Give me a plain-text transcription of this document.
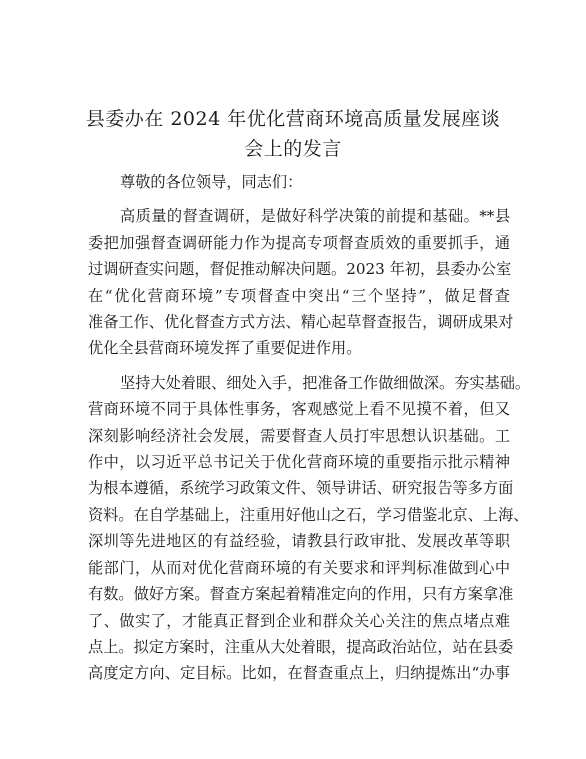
县委办在 2024 年优化营商环境高质量发展座谈
会上的发言

尊敬的各位领导，同志们：

高质量的督查调研，是做好科学决策的前提和基础。**县
委把加强督查调研能力作为提高专项督查质效的重要抓手，通
过调研查实问题，督促推动解决问题。2023 年初，县委办公室
在“优化营商环境”专项督查中突出“三个坚持”，做足督查
准备工作、优化督查方式方法、精心起草督查报告，调研成果对
优化全县营商环境发挥了重要促进作用。

坚持大处着眼、细处入手，把准备工作做细做深。夯实基础。
营商环境不同于具体性事务，客观感觉上看不见摸不着，但又
深刻影响经济社会发展，需要督查人员打牢思想认识基础。工
作中，以习近平总书记关于优化营商环境的重要指示批示精神
为根本遵循，系统学习政策文件、领导讲话、研究报告等多方面
资料。在自学基础上，注重用好他山之石，学习借鉴北京、上海、
深圳等先进地区的有益经验，请教县行政审批、发展改革等职
能部门，从而对优化营商环境的有关要求和评判标准做到心中
有数。做好方案。督查方案起着精准定向的作用，只有方案拿准
了、做实了，才能真正督到企业和群众关心关注的焦点堵点难
点上。拟定方案时，注重从大处着眼，提高政治站位，站在县委
高度定方向、定目标。比如，在督查重点上，归纳提炼出“办事
